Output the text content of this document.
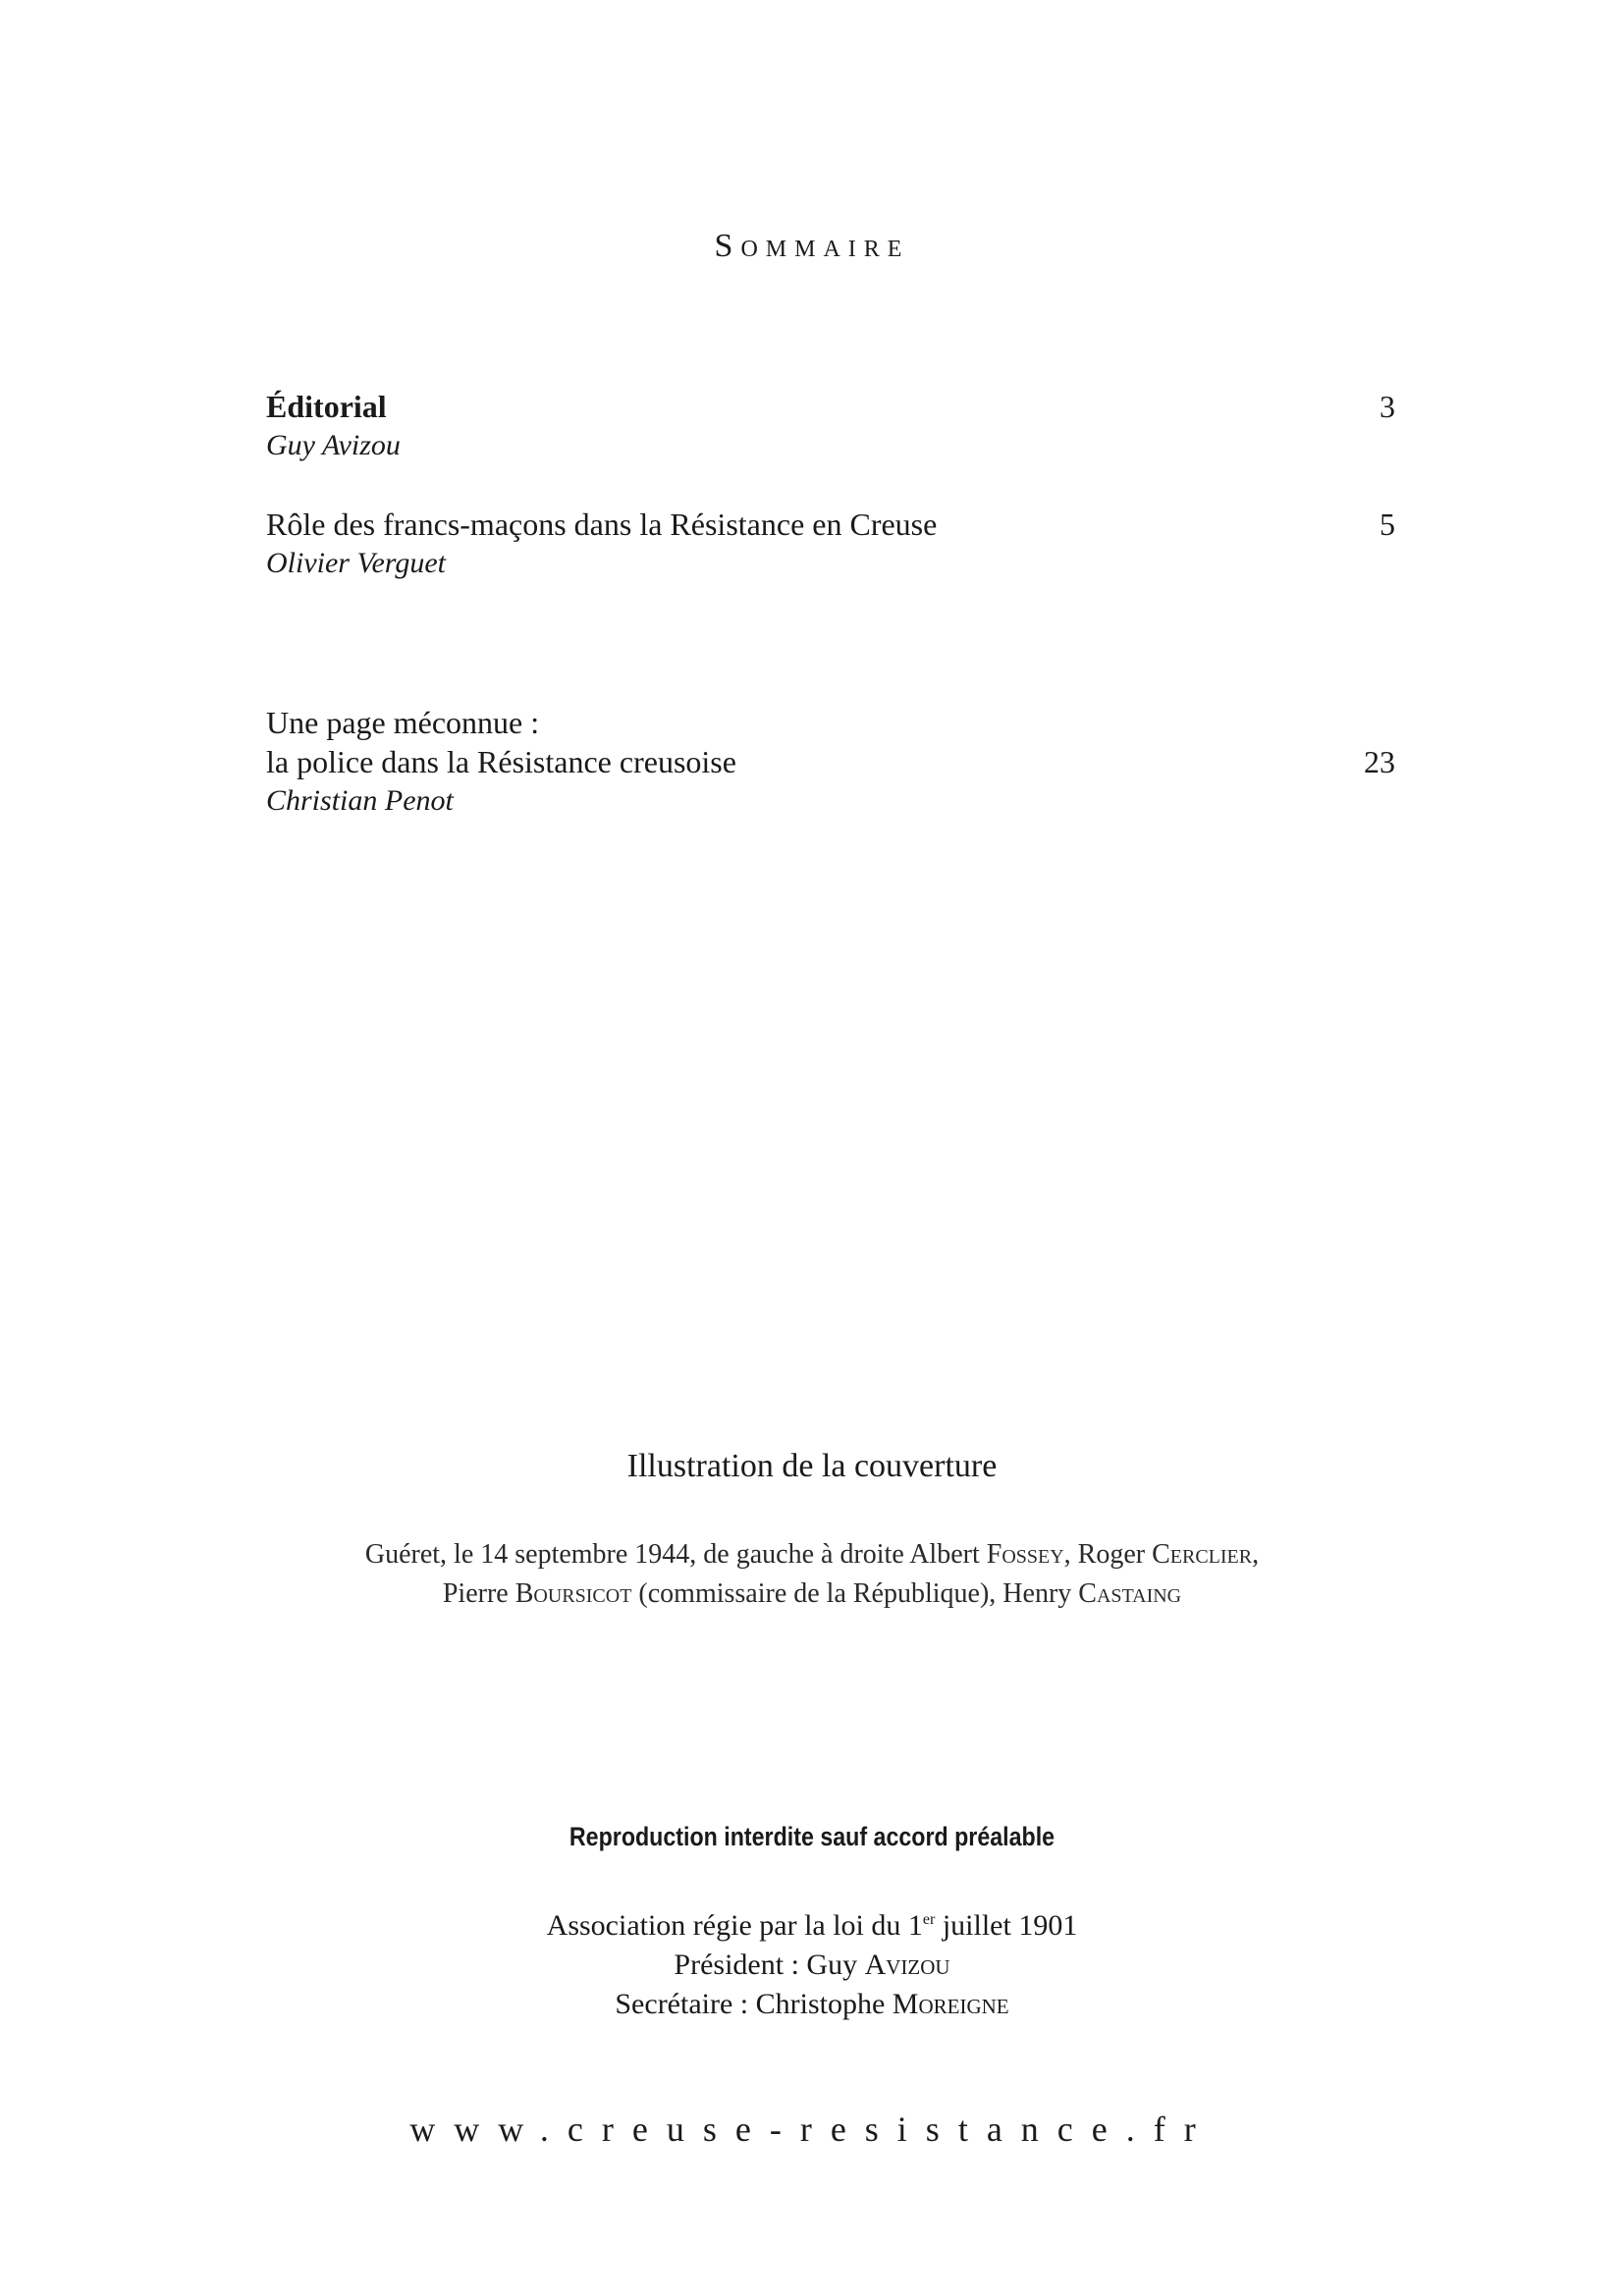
Sommaire
Éditorial
Guy Avizou
3
Rôle des francs-maçons dans la Résistance en Creuse
Olivier Verguet
5
Une page méconnue :
la police dans la Résistance creusoise
Christian Penot
23
Illustration de la couverture
Guéret, le 14 septembre 1944, de gauche à droite Albert Fossey, Roger Cerclier,
Pierre Boursicot (commissaire de la République), Henry Castaing
Reproduction interdite sauf accord préalable
Association régie par la loi du 1er juillet 1901
Président : Guy Avizou
Secrétaire : Christophe Moreigne
www.creuse-resistance.fr
